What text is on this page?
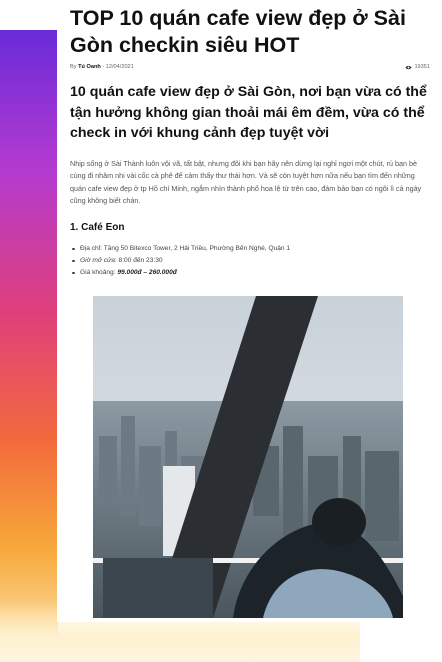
TOP 10 quán cafe view đẹp ở Sài Gòn checkin siêu HOT
By Tú Oanh - 12/04/2021	19351
10 quán cafe view đẹp ở Sài Gòn, nơi bạn vừa có thể tận hưởng không gian thoải mái êm đềm, vừa có thể check in với khung cảnh đẹp tuyệt vời

Nhịp sống ở Sài Thành luôn vội vã, tất bật, nhưng đôi khi bạn hãy nên dừng lại nghỉ ngơi một chút, rủ bạn bè cùng đi nhâm nhi vài cốc cà phê để cảm thấy thư thái hơn. Và sẽ còn tuyệt hơn nữa nếu bạn tìm đến những quán cafe view đẹp ở tp Hồ chí Minh, ngắm nhìn thành phố hoa lệ từ trên cao, đảm bảo bạn có ngõi lì cả ngày cũng không biết chán.

1. Café Eon
Địa chỉ: Tầng 50 Bitexco Tower, 2 Hải Triều, Phường Bến Nghé, Quận 1
Giờ mở cửa: 8:00 đến 23:30
Giá khoảng: 99.000đ – 260.000đ
